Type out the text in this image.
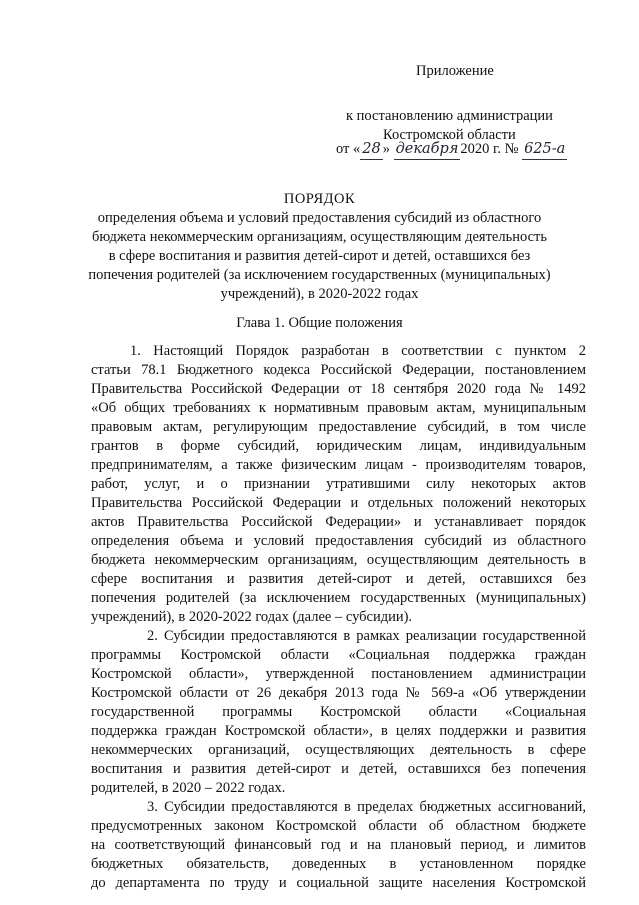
Приложение
к постановлению администрации
Костромской области
от « 28 » декабря 2020 г. № 625-а
ПОРЯДОК
определения объема и условий предоставления субсидий из областного
бюджета некоммерческим организациям, осуществляющим деятельность
в сфере воспитания и развития детей-сирот и детей, оставшихся без
попечения родителей (за исключением государственных (муниципальных)
учреждений), в 2020-2022 годах
Глава 1. Общие положения
1. Настоящий Порядок разработан в соответствии с пунктом 2
статьи 78.1 Бюджетного кодекса Российской Федерации, постановлением
Правительства Российской Федерации от 18 сентября 2020 года № 1492
«Об общих требованиях к нормативным правовым актам, муниципальным
правовым актам, регулирующим предоставление субсидий, в том числе
грантов в форме субсидий, юридическим лицам, индивидуальным
предпринимателям, а также физическим лицам - производителям товаров,
работ, услуг, и о признании утратившими силу некоторых актов
Правительства Российской Федерации и отдельных положений некоторых
актов Правительства Российской Федерации» и устанавливает порядок
определения объема и условий предоставления субсидий из областного
бюджета некоммерческим организациям, осуществляющим деятельность в
сфере воспитания и развития детей-сирот и детей, оставшихся без
попечения родителей (за исключением государственных (муниципальных)
учреждений), в 2020-2022 годах (далее – субсидии).
2. Субсидии предоставляются в рамках реализации государственной
программы Костромской области «Социальная поддержка граждан
Костромской области», утвержденной постановлением администрации
Костромской области от 26 декабря 2013 года № 569-а «Об утверждении
государственной программы Костромской области «Социальная
поддержка граждан Костромской области», в целях поддержки и развития
некоммерческих организаций, осуществляющих деятельность в сфере
воспитания и развития детей-сирот и детей, оставшихся без попечения
родителей, в 2020 – 2022 годах.
3. Субсидии предоставляются в пределах бюджетных ассигнований,
предусмотренных законом Костромской области об областном бюджете
на соответствующий финансовый год и на плановый период, и лимитов
бюджетных обязательств, доведенных в установленном порядке
до департамента по труду и социальной защите населения Костромской
